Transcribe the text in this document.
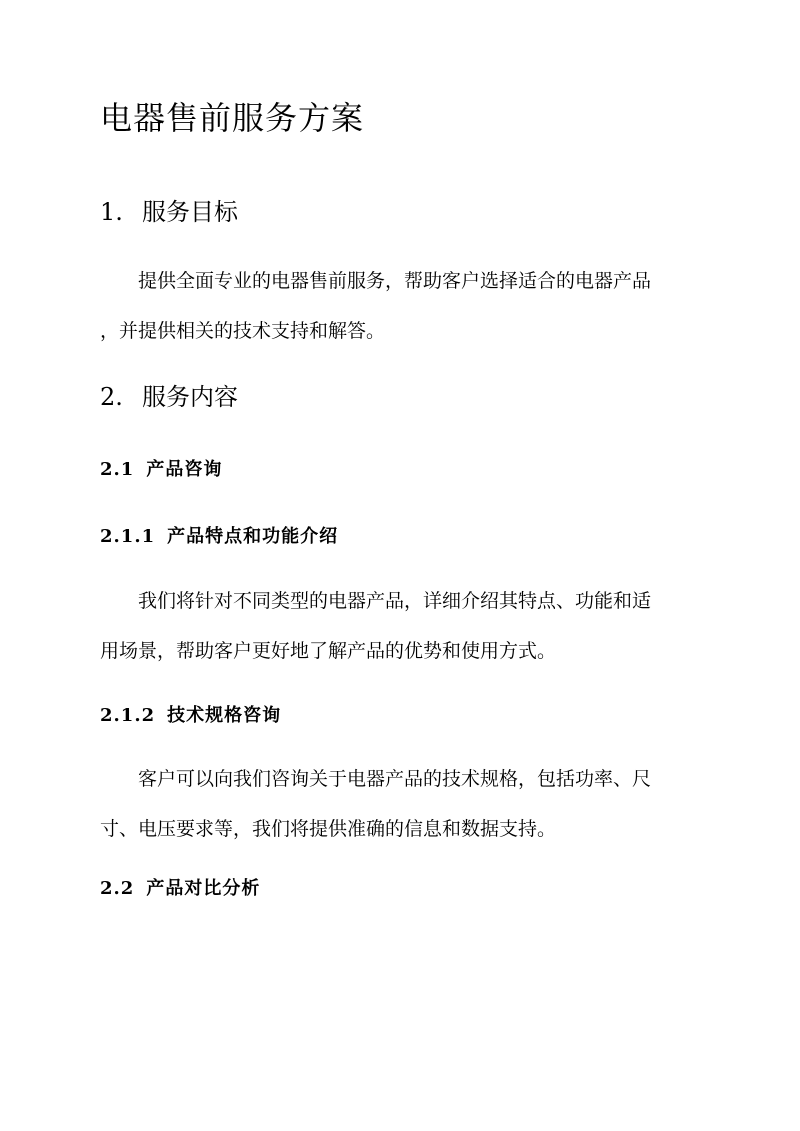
电器售前服务方案
1. 服务目标
提供全面专业的电器售前服务，帮助客户选择适合的电器产品
，并提供相关的技术支持和解答。
2. 服务内容
2.1 产品咨询
2.1.1 产品特点和功能介绍
我们将针对不同类型的电器产品，详细介绍其特点、功能和适
用场景，帮助客户更好地了解产品的优势和使用方式。
2.1.2 技术规格咨询
客户可以向我们咨询关于电器产品的技术规格，包括功率、尺
寸、电压要求等，我们将提供准确的信息和数据支持。
2.2 产品对比分析
